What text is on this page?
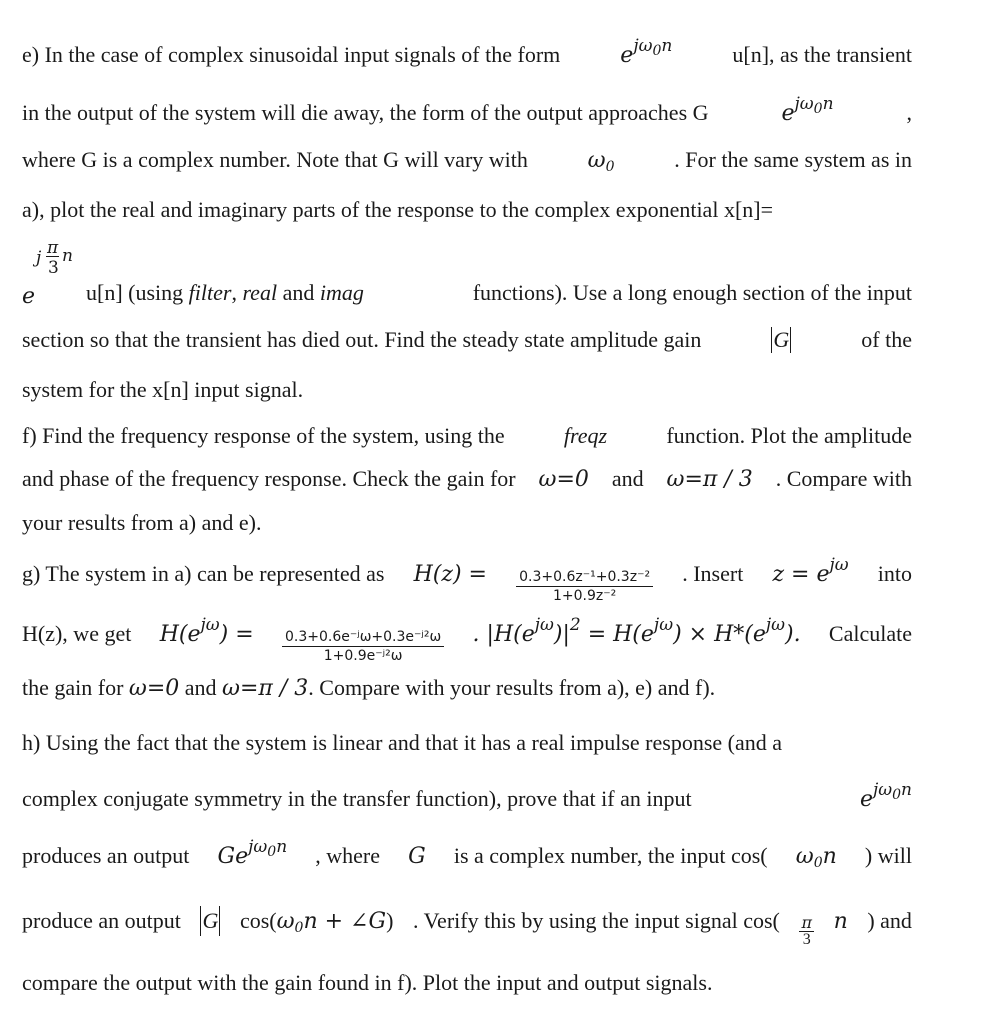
e) In the case of complex sinusoidal input signals of the form	$e^{j\omega_0n}$	u[n], as the transient
in the output of the system will die away, the form of the output approaches G	$e^{j\omega_0n}$	,
where G is a complex number. Note that G will vary with	$\omega_0$	. For the same system as in
a), plot the real and imaginary parts of the response to the complex exponential x[n]=
j π
3
n
e u[n] (using filter, real and imag	functions). Use a long enough section of the input
section so that the transient has died out. Find the steady state amplitude gain	G	of the
system for the x[n] input signal.
f) Find the frequency response of the system, using the	freqz	function. Plot the amplitude
and phase of the frequency response. Check the gain for ω=0 and ω=π / 3 . Compare with
your results from a) and e).
g) The system in a) can be represented as $H(z) = \frac{\text{0.3+0.6z⁻¹+0.3z⁻²}}{\text{1+0.9z⁻²}}$ . Insert $z = e^{j\omega}$ into
H(z), we get $H(e^{j\omega}) = \frac{\text{0.3+0.6e⁻ʲω+0.3e⁻ʲ²ω}}{\text{1+0.9e⁻ʲ²ω}}$ . $|H(e^{j\omega})|^2 = H(e^{j\omega}) \times H*(e^{j\omega})$. Calculate
the gain for ω=0 and ω=π / 3. Compare with your results from a), e) and f).
h) Using the fact that the system is linear and that it has a real impulse response (and a
complex conjugate symmetry in the transfer function), prove that if an input	$e^{j\omega_0n}$
produces an output $Ge^{j\omega_0n}$ , where G is a complex number, the input cos( $\omega_0n$ ) will
produce an output G $\cos(\omega_0n$ + ∠G) . Verify this by using the input signal cos( π
3
n ) and
compare the output with the gain found in f). Plot the input and output signals.
